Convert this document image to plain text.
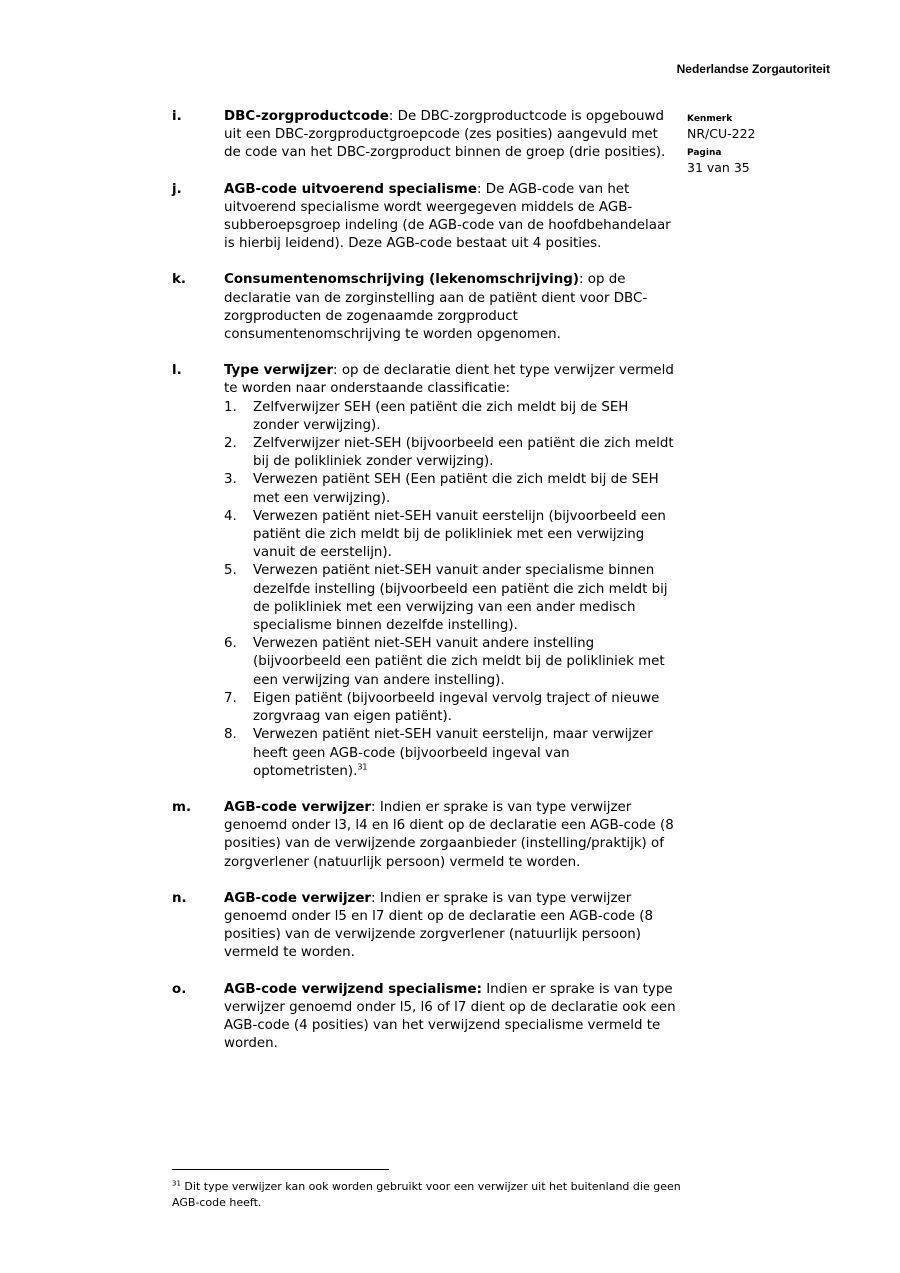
Nederlandse Zorgautoriteit
Kenmerk
NR/CU-222
Pagina
31 van 35
i.	DBC-zorgproductcode: De DBC-zorgproductcode is opgebouwd uit een DBC-zorgproductgroepcode (zes posities) aangevuld met de code van het DBC-zorgproduct binnen de groep (drie posities).
j.	AGB-code uitvoerend specialisme: De AGB-code van het uitvoerend specialisme wordt weergegeven middels de AGB-subberoepsgroep indeling (de AGB-code van de hoofdbehandelaar is hierbij leidend). Deze AGB-code bestaat uit 4 posities.
k.	Consumentenomschrijving (lekenomschrijving): op de declaratie van de zorginstelling aan de patiënt dient voor DBC-zorgproducten de zogenaamde zorgproduct consumentenomschrijving te worden opgenomen.
l.	Type verwijzer: op de declaratie dient het type verwijzer vermeld te worden naar onderstaande classificatie:
1.	Zelfverwijzer SEH (een patiënt die zich meldt bij de SEH zonder verwijzing).
2.	Zelfverwijzer niet-SEH (bijvoorbeeld een patiënt die zich meldt bij de polikliniek zonder verwijzing).
3.	Verwezen patiënt SEH (Een patiënt die zich meldt bij de SEH met een verwijzing).
4.	Verwezen patiënt niet-SEH vanuit eerstelijn (bijvoorbeeld een patiënt die zich meldt bij de polikliniek met een verwijzing vanuit de eerstelijn).
5.	Verwezen patiënt niet-SEH vanuit ander specialisme binnen dezelfde instelling (bijvoorbeeld een patiënt die zich meldt bij de polikliniek met een verwijzing van een ander medisch specialisme binnen dezelfde instelling).
6.	Verwezen patiënt niet-SEH vanuit andere instelling (bijvoorbeeld een patiënt die zich meldt bij de polikliniek met een verwijzing van andere instelling).
7.	Eigen patiënt (bijvoorbeeld ingeval vervolg traject of nieuwe zorgvraag van eigen patiënt).
8.	Verwezen patiënt niet-SEH vanuit eerstelijn, maar verwijzer heeft geen AGB-code (bijvoorbeeld ingeval van optometristen).$^{31}$
m.	AGB-code verwijzer: Indien er sprake is van type verwijzer genoemd onder l3, l4 en l6 dient op de declaratie een AGB-code (8 posities) van de verwijzende zorgaanbieder (instelling/praktijk) of zorgverlener (natuurlijk persoon) vermeld te worden.
n.	AGB-code verwijzer: Indien er sprake is van type verwijzer genoemd onder l5 en l7 dient op de declaratie een AGB-code (8 posities) van de verwijzende zorgverlener (natuurlijk persoon) vermeld te worden.
o.	AGB-code verwijzend specialisme: Indien er sprake is van type verwijzer genoemd onder l5, l6 of l7 dient op de declaratie ook een AGB-code (4 posities) van het verwijzend specialisme vermeld te worden.
$^{31}$ Dit type verwijzer kan ook worden gebruikt voor een verwijzer uit het buitenland die geen AGB-code heeft.
